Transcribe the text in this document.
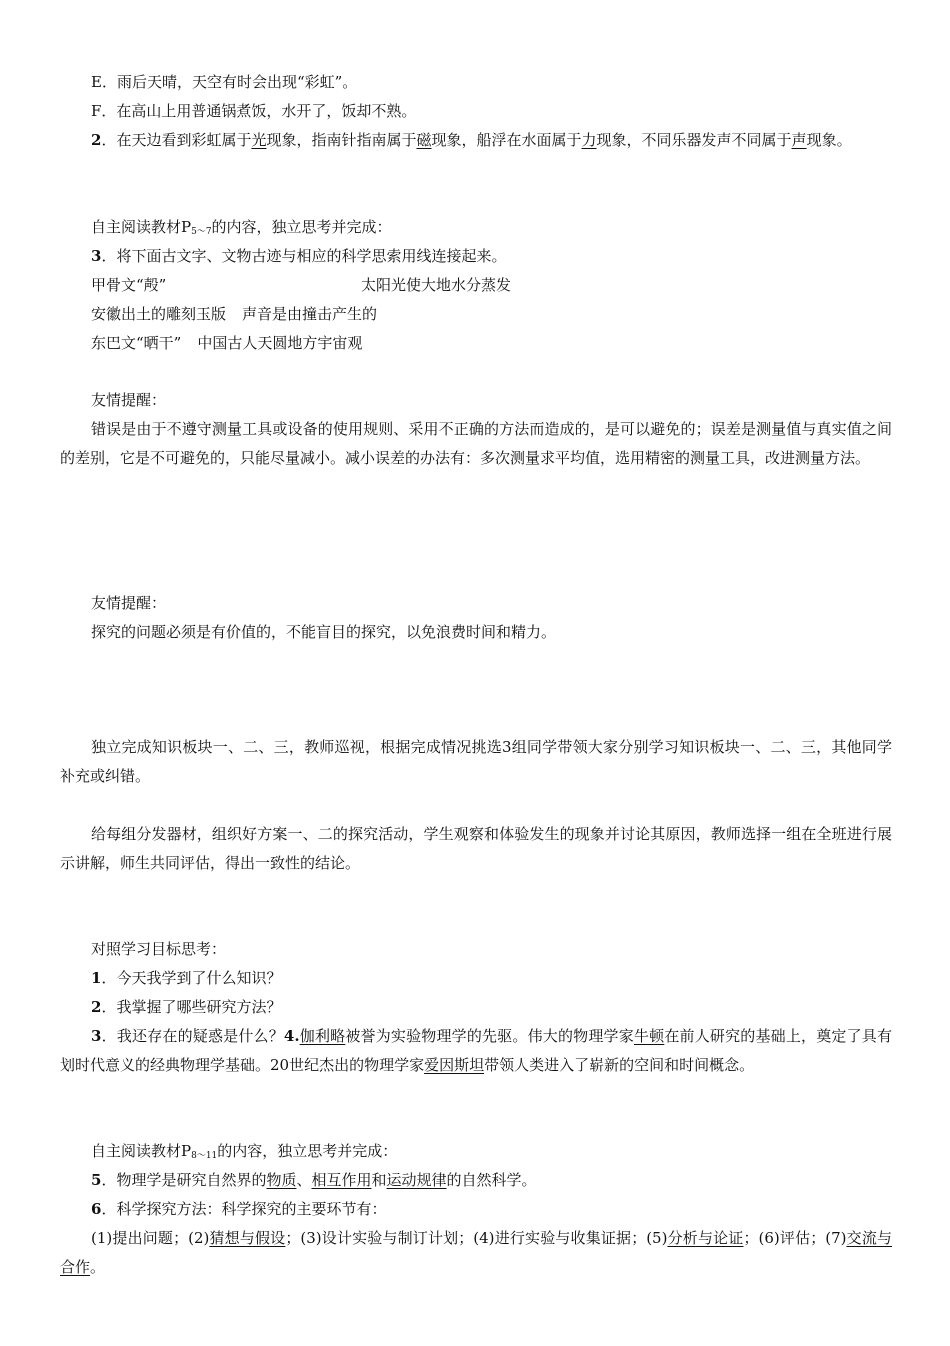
E．雨后天晴，天空有时会出现“彩虹”。
F．在高山上用普通锅煮饭，水开了，饭却不熟。
2．在天边看到彩虹属于光现象，指南针指南属于磁现象，船浮在水面属于力现象，不同乐器发声不同属于声现象。
自主阅读教材$P_{5\sim 7}$的内容，独立思考并完成：
3．将下面古文字、文物古迹与相应的科学思索用线连接起来。
甲骨文“殸”	太阳光使大地水分蒸发
安徽出土的雕刻玉版 声音是由撞击产生的
东巴文“晒干” 中国古人天圆地方宇宙观
友情提醒：
错误是由于不遵守测量工具或设备的使用规则、采用不正确的方法而造成的，是可以避免的；误差是测量值与真实值之间的差别，它是不可避免的，只能尽量减小。减小误差的办法有：多次测量求平均值，选用精密的测量工具，改进测量方法。
友情提醒：
探究的问题必须是有价值的，不能盲目的探究，以免浪费时间和精力。
独立完成知识板块一、二、三，教师巡视，根据完成情况挑选3组同学带领大家分别学习知识板块一、二、三，其他同学补充或纠错。
给每组分发器材，组织好方案一、二的探究活动，学生观察和体验发生的现象并讨论其原因，教师选择一组在全班进行展示讲解，师生共同评估，得出一致性的结论。
对照学习目标思考：
1．今天我学到了什么知识？
2．我掌握了哪些研究方法？
3．我还存在的疑惑是什么？4.伽利略被誉为实验物理学的先驱。伟大的物理学家牛顿在前人研究的基础上，奠定了具有划时代意义的经典物理学基础。20世纪杰出的物理学家爱因斯坦带领人类进入了崭新的空间和时间概念。
自主阅读教材$P_{8\sim 11}$的内容，独立思考并完成：
5．物理学是研究自然界的物质、相互作用和运动规律的自然科学。
6．科学探究方法：科学探究的主要环节有：
(1)提出问题；(2)猜想与假设；(3)设计实验与制订计划；(4)进行实验与收集证据；(5)分析与论证；(6)评估；(7)交流与合作。
